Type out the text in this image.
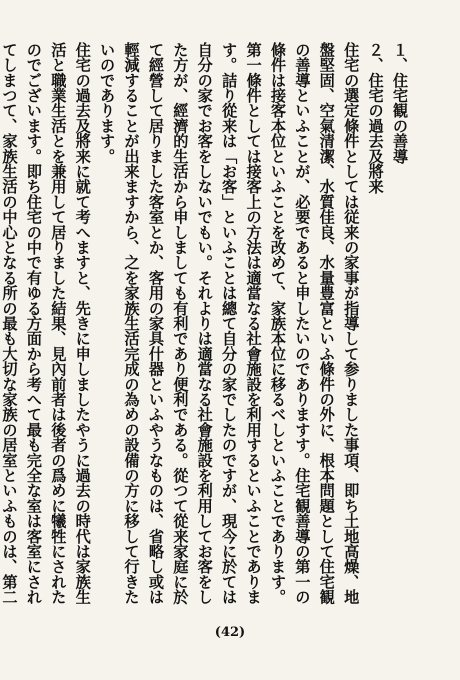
１、住宅観の善導

２、住宅の過去及將来

住宅の選定條件としては従来の家事が指導して参りました事項、即ち土地高燥、地盤堅固、空氣清潔、水質佳良、水量豊富といふ條件の外に、根本問題として住宅観の善導といふことが、必要であると申したいのでありますす。住宅観善導の第一の條件は接客本位といふことを改めて、家族本位に移るべしといふことであります。第一條件としては接客上の方法は適當なる社會施設を利用するといふことであります。詰り從来は「お客」といふことは總て自分の家でしたのですが、現今に於ては自分の家でお客をしないでもい。それよりは適當なる社會施設を利用してお客をした方が、經濟的生活から申しましても有利であり便利である。從つて從来家庭に於て經營して居りました客室とか、客用の家具什器といふやうなものは、省略し或は輕減することが出来ますから、之を家族生活完成の為めの設備の方に移して行きたいのであります。

住宅の過去及將来に就て考へますと、先きに申しましたやうに過去の時代は家族生活と職業生活とを兼用して居りました結果、見內前者は後者の爲めに犧牲にされたのでございます。即ち住宅の中で有ゆる方面から考へて最も完全な室は客室にされてしまつて、家族生活の中心となる所の最も大切な家族の居室といふものは、第二

(42)
